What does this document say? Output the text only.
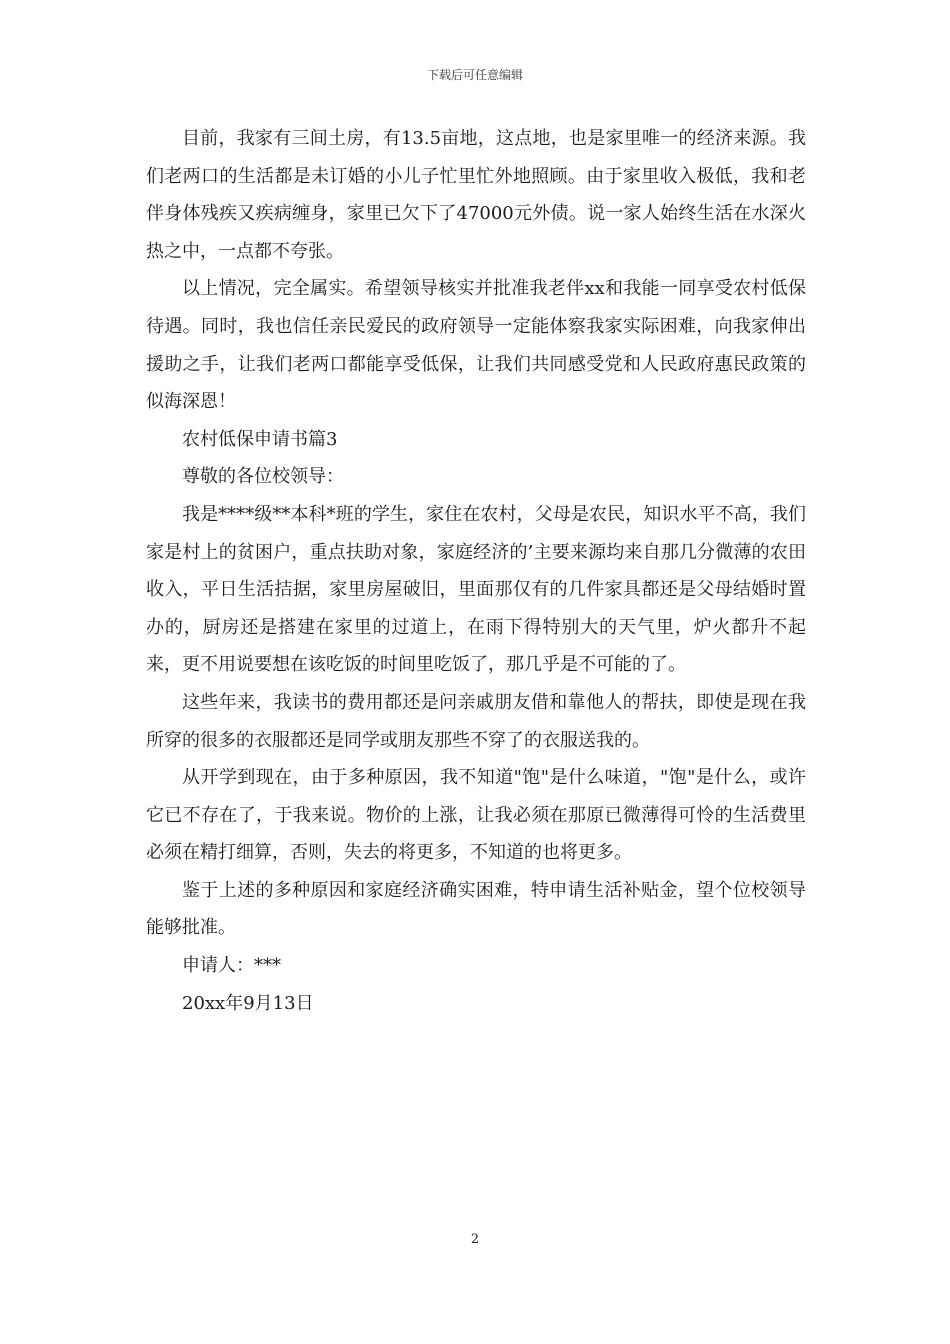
下载后可任意编辑

目前，我家有三间土房，有13.5亩地，这点地，也是家里唯一的经济来源。我们老两口的生活都是未订婚的小儿子忙里忙外地照顾。由于家里收入极低，我和老伴身体残疾又疾病缠身，家里已欠下了47000元外债。说一家人始终生活在水深火热之中，一点都不夸张。

以上情况，完全属实。希望领导核实并批准我老伴xx和我能一同享受农村低保待遇。同时，我也信任亲民爱民的政府领导一定能体察我家实际困难，向我家伸出援助之手，让我们老两口都能享受低保，让我们共同感受党和人民政府惠民政策的似海深恩！

农村低保申请书篇3

尊敬的各位校领导：

我是****级**本科*班的学生，家住在农村，父母是农民，知识水平不高，我们家是村上的贫困户，重点扶助对象，家庭经济的’主要来源均来自那几分微薄的农田收入，平日生活拮据，家里房屋破旧，里面那仅有的几件家具都还是父母结婚时置办的，厨房还是搭建在家里的过道上，在雨下得特别大的天气里，炉火都升不起来，更不用说要想在该吃饭的时间里吃饭了，那几乎是不可能的了。

这些年来，我读书的费用都还是问亲戚朋友借和靠他人的帮扶，即使是现在我所穿的很多的衣服都还是同学或朋友那些不穿了的衣服送我的。

从开学到现在，由于多种原因，我不知道"饱"是什么味道，"饱"是什么，或许它已不存在了，于我来说。物价的上涨，让我必须在那原已微薄得可怜的生活费里必须在精打细算，否则，失去的将更多，不知道的也将更多。

鉴于上述的多种原因和家庭经济确实困难，特申请生活补贴金，望个位校领导能够批准。

申请人：***

20xx年9月13日

2
